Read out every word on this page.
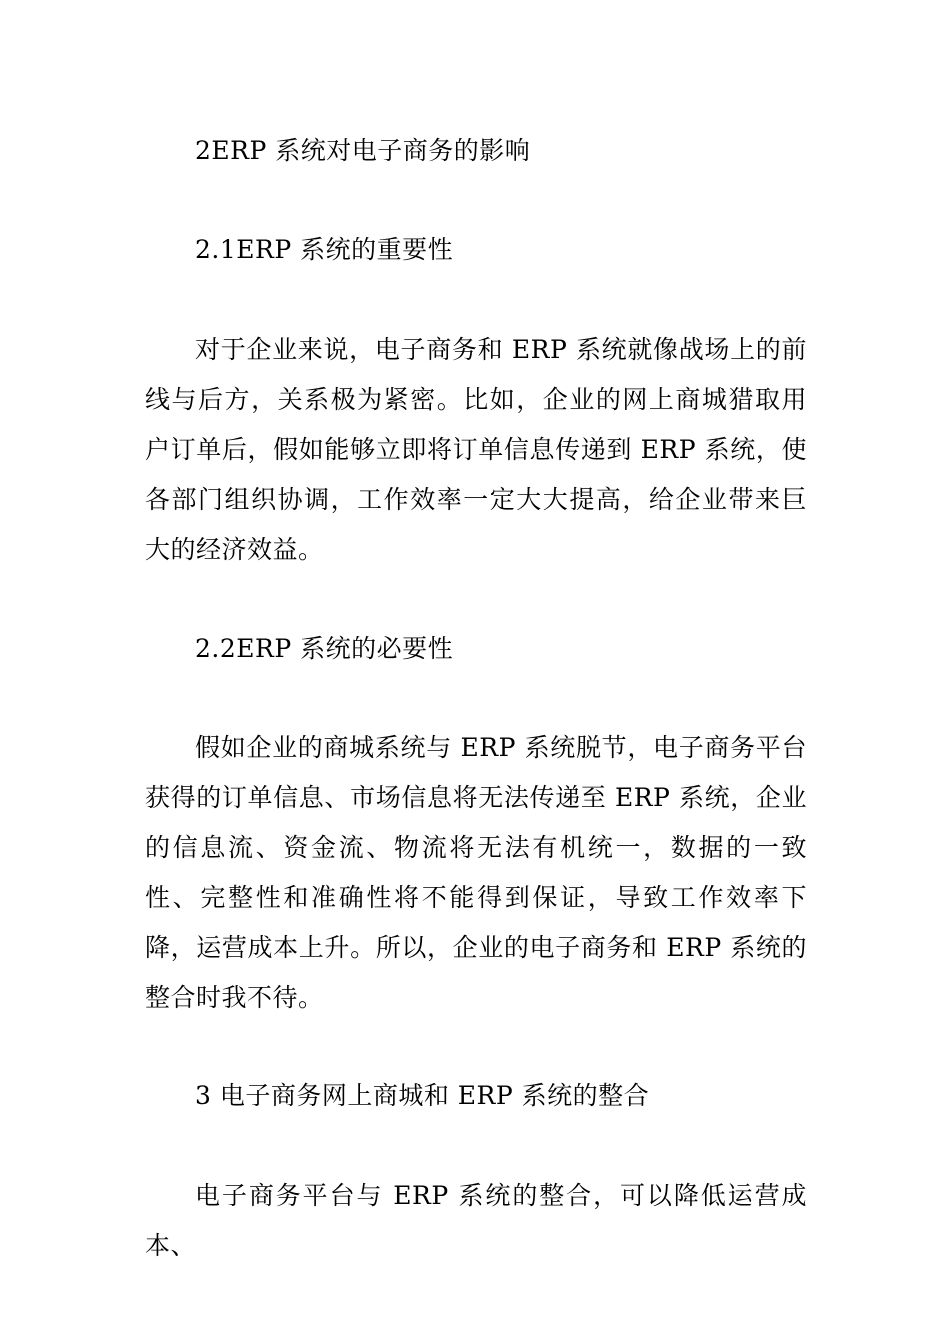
2ERP 系统对电子商务的影响

2.1ERP 系统的重要性

对于企业来说，电子商务和 ERP 系统就像战场上的前线与后方，关系极为紧密。比如，企业的网上商城猎取用户订单后，假如能够立即将订单信息传递到 ERP 系统，使各部门组织协调，工作效率一定大大提高，给企业带来巨大的经济效益。

2.2ERP 系统的必要性

假如企业的商城系统与 ERP 系统脱节，电子商务平台获得的订单信息、市场信息将无法传递至 ERP 系统，企业的信息流、资金流、物流将无法有机统一，数据的一致性、完整性和准确性将不能得到保证，导致工作效率下降，运营成本上升。所以，企业的电子商务和 ERP 系统的整合时我不待。

3 电子商务网上商城和 ERP 系统的整合

电子商务平台与 ERP 系统的整合，可以降低运营成本、
